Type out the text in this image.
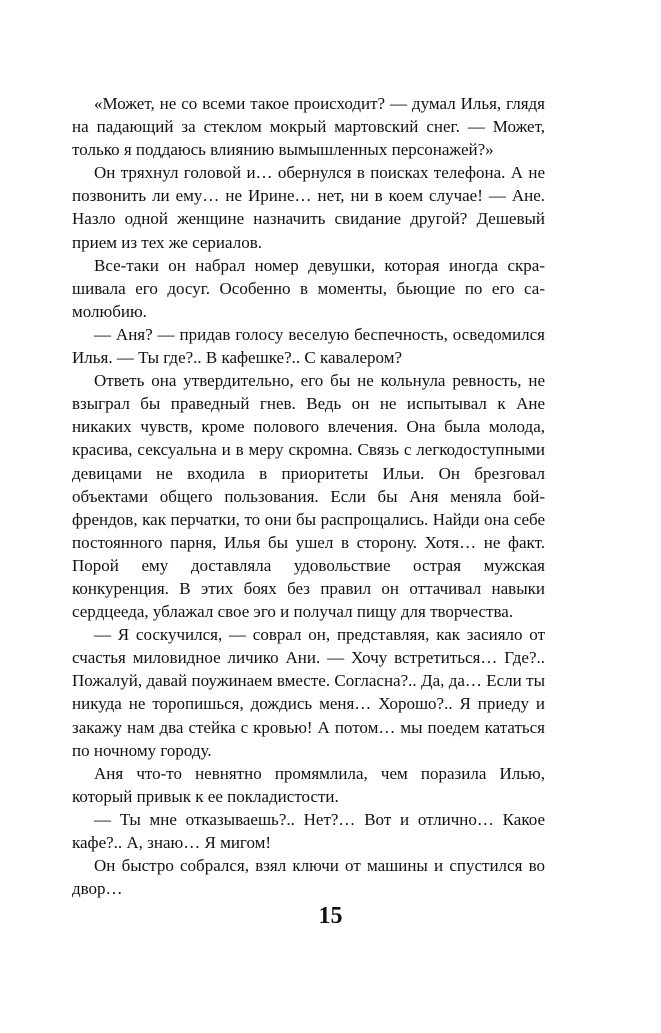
«Может, не со всеми такое происходит? — думал Илья, глядя на падающий за стеклом мокрый мартовский снег. — Может, только я поддаюсь влиянию вымышленных персонажей?»

Он тряхнул головой и… обернулся в поисках телефона. А не позвонить ли ему… не Ирине… нет, ни в коем случае! — Ане. Назло одной женщине назначить свидание другой? Дешевый прием из тех же сериалов.

Все-таки он набрал номер девушки, которая иногда скрашивала его досуг. Особенно в моменты, бьющие по его самолюбию.

— Аня? — придав голосу веселую беспечность, осведомился Илья. — Ты где?.. В кафешке?.. С кавалером?

Ответь она утвердительно, его бы не кольнула ревность, не взыграл бы праведный гнев. Ведь он не испытывал к Ане никаких чувств, кроме полового влечения. Она была молода, красива, сексуальна и в меру скромна. Связь с легкодоступными девицами не входила в приоритеты Ильи. Он брезговал объектами общего пользования. Если бы Аня меняла бойфрендов, как перчатки, то они бы распрощались. Найди она себе постоянного парня, Илья бы ушел в сторону. Хотя… не факт. Порой ему доставляла удовольствие острая мужская конкуренция. В этих боях без правил он оттачивал навыки сердцееда, ублажал свое эго и получал пищу для творчества.

— Я соскучился, — соврал он, представляя, как засияло от счастья миловидное личико Ани. — Хочу встретиться… Где?.. Пожалуй, давай поужинаем вместе. Согласна?.. Да, да… Если ты никуда не торопишься, дождись меня… Хорошо?.. Я приеду и закажу нам два стейка с кровью! А потом… мы поедем кататься по ночному городу.

Аня что-то невнятно промямлила, чем поразила Илью, который привык к ее покладистости.

— Ты мне отказываешь?.. Нет?… Вот и отлично… Какое кафе?.. А, знаю… Я мигом!

Он быстро собрался, взял ключи от машины и спустился во двор…

15
